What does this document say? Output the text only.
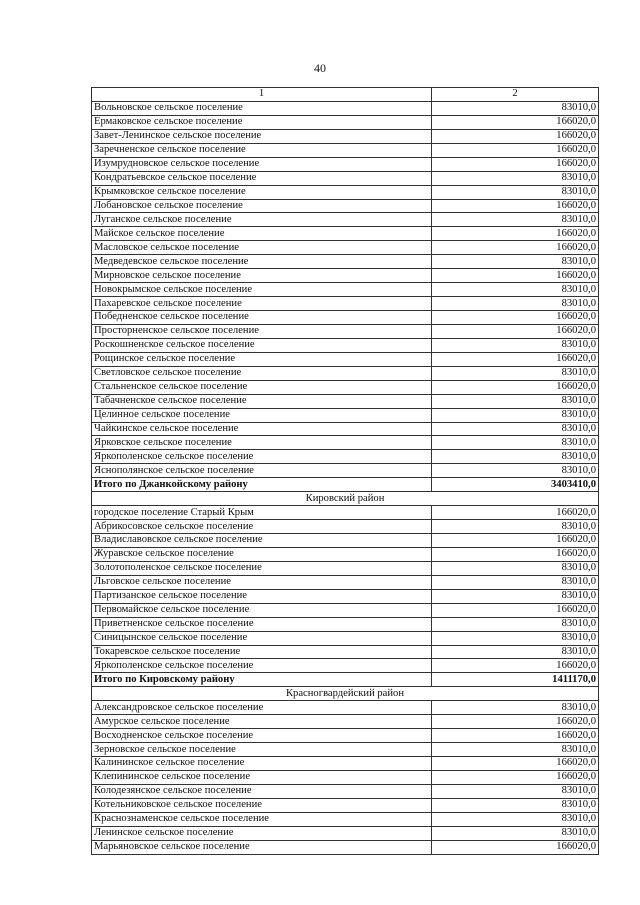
40
1	2
Вольновское сельское поселение	83010,0
Ермаковское сельское поселение	166020,0
Завет-Ленинское сельское поселение	166020,0
Заречненское сельское поселение	166020,0
Изумрудновское сельское поселение	166020,0
Кондратьевское сельское поселение	83010,0
Крымковское сельское поселение	83010,0
Лобановское сельское поселение	166020,0
Луганское сельское поселение	83010,0
Майское сельское поселение	166020,0
Масловское сельское поселение	166020,0
Медведевское сельское поселение	83010,0
Мирновское сельское поселение	166020,0
Новокрымское сельское поселение	83010,0
Пахаревское сельское поселение	83010,0
Победненское сельское поселение	166020,0
Просторненское сельское поселение	166020,0
Роскошненское сельское поселение	83010,0
Рощинское сельское поселение	166020,0
Светловское сельское поселение	83010,0
Стальненское сельское поселение	166020,0
Табачненское сельское поселение	83010,0
Целинное сельское поселение	83010,0
Чайкинское сельское поселение	83010,0
Ярковское сельское поселение	83010,0
Яркополенское сельское поселение	83010,0
Яснополянское сельское поселение	83010,0
Итого по Джанкойскому району	3403410,0
Кировский район	
городское поселение Старый Крым	166020,0
Абрикосовское сельское поселение	83010,0
Владиславовское сельское поселение	166020,0
Журавское сельское поселение	166020,0
Золотополенское сельское поселение	83010,0
Льговское сельское поселение	83010,0
Партизанское сельское поселение	83010,0
Первомайское сельское поселение	166020,0
Приветненское сельское поселение	83010,0
Синицынское сельское поселение	83010,0
Токаревское сельское поселение	83010,0
Яркополенское сельское поселение	166020,0
Итого по Кировскому району	1411170,0
Красногвардейский район	
Александровское сельское поселение	83010,0
Амурское сельское поселение	166020,0
Восходненское сельское поселение	166020,0
Зерновское сельское поселение	83010,0
Калининское сельское поселение	166020,0
Клепининское сельское поселение	166020,0
Колодезянское сельское поселение	83010,0
Котельниковское сельское поселение	83010,0
Краснознаменское сельское поселение	83010,0
Ленинское сельское поселение	83010,0
Марьяновское сельское поселение	166020,0
